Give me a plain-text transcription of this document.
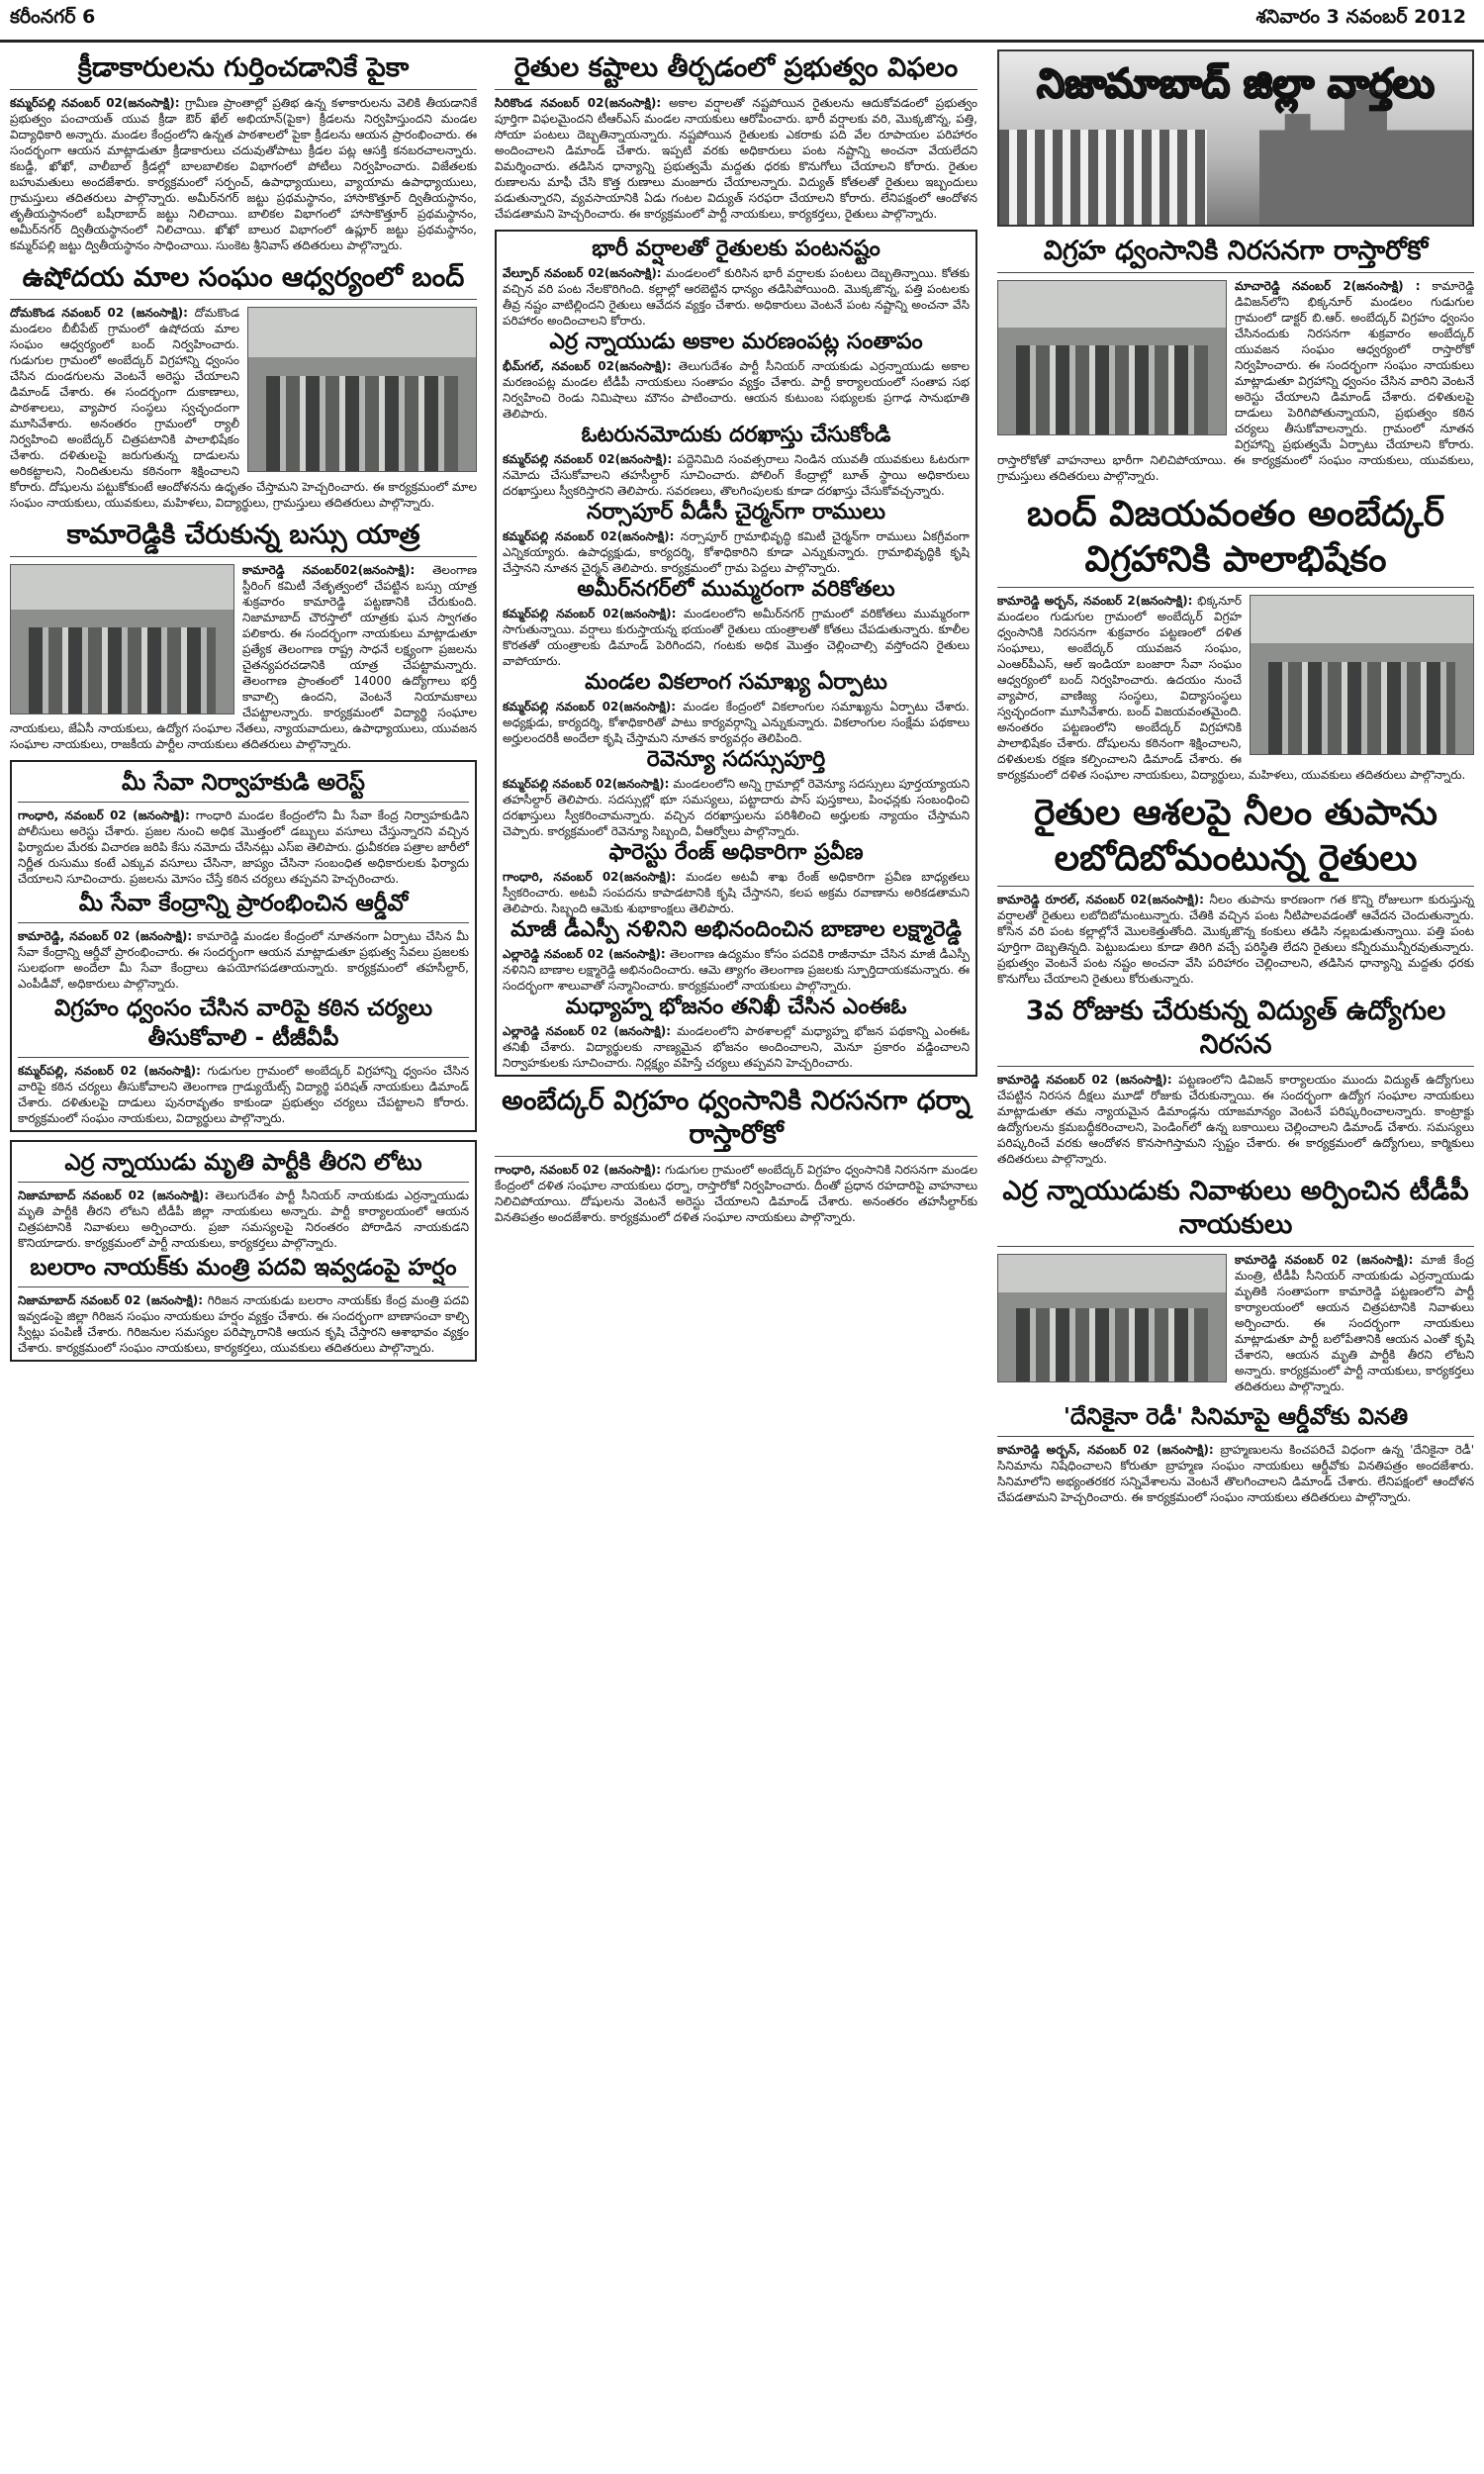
కరీంనగర్ 6	శనివారం 3 నవంబర్ 2012
క్రీడాకారులను గుర్తించడానికే పైకా

కమ్మర్‌పల్లి నవంబర్ 02(జనంసాక్షి): గ్రామీణ ప్రాంతాల్లో ప్రతిభ ఉన్న కళాకారులను వెలికి తీయడానికే ప్రభుత్వం పంచాయత్ యువ క్రీడా ఔర్ ఖేల్ అభియాన్(పైకా) క్రీడలను నిర్వహిస్తుందని మండల విద్యాధికారి అన్నారు. మండల కేంద్రంలోని ఉన్నత పాఠశాలలో పైకా క్రీడలను ఆయన ప్రారంభించారు. ఈ సందర్భంగా ఆయన మాట్లాడుతూ క్రీడాకారులు చదువుతోపాటు క్రీడల పట్ల ఆసక్తి కనబరచాలన్నారు. కబడ్డీ, ఖోఖో, వాలీబాల్ క్రీడల్లో బాలబాలికల విభాగంలో పోటీలు నిర్వహించారు. విజేతలకు బహుమతులు అందజేశారు. కార్యక్రమంలో సర్పంచ్, ఉపాధ్యాయులు, వ్యాయామ ఉపాధ్యాయులు, గ్రామస్తులు తదితరులు పాల్గొన్నారు. అమీర్‌నగర్ జట్టు ప్రథమస్థానం, హాసాకొత్తూర్ ద్వితీయస్థానం, తృతీయస్థానంలో బషీరాబాద్ జట్టు నిలిచాయి. బాలికల విభాగంలో హాసాకొత్తూర్ ప్రథమస్థానం, అమీర్‌నగర్ ద్వితీయస్థానంలో నిలిచాయి. ఖోఖో బాలుర విభాగంలో ఉప్లూర్ జట్టు ప్రథమస్థానం, కమ్మర్‌పల్లి జట్టు ద్వితీయస్థానం సాధించాయి. సుంకెట శ్రీనివాస్ తదితరులు పాల్గొన్నారు.

ఉషోదయ మాల సంఘం ఆధ్వర్యంలో బంద్

దోమకొండ నవంబర్ 02 (జనంసాక్షి): దోమకొండ మండలం బీబీపేట్ గ్రామంలో ఉషోదయ మాల సంఘం ఆధ్వర్యంలో బంద్ నిర్వహించారు. గుడుగుల గ్రామంలో అంబేద్కర్ విగ్రహాన్ని ధ్వంసం చేసిన దుండగులను వెంటనే అరెస్టు చేయాలని డిమాండ్ చేశారు. ఈ సందర్భంగా దుకాణాలు, పాఠశాలలు, వ్యాపార సంస్థలు స్వచ్ఛందంగా మూసివేశారు. అనంతరం గ్రామంలో ర్యాలీ నిర్వహించి అంబేద్కర్ చిత్రపటానికి పాలాభిషేకం చేశారు. దళితులపై జరుగుతున్న దాడులను అరికట్టాలని, నిందితులను కఠినంగా శిక్షించాలని కోరారు. దోషులను పట్టుకోకుంటే ఆందోళనను ఉధృతం చేస్తామని హెచ్చరించారు. ఈ కార్యక్రమంలో మాల సంఘం నాయకులు, యువకులు, మహిళలు, విద్యార్థులు, గ్రామస్తులు తదితరులు పాల్గొన్నారు.

కామారెడ్డికి చేరుకున్న బస్సు యాత్ర

కామారెడ్డి నవంబర్02(జనంసాక్షి): తెలంగాణ స్టీరింగ్ కమిటీ నేతృత్వంలో చేపట్టిన బస్సు యాత్ర శుక్రవారం కామారెడ్డి పట్టణానికి చేరుకుంది. నిజామాబాద్ చౌరస్తాలో యాత్రకు ఘన స్వాగతం పలికారు. ఈ సందర్భంగా నాయకులు మాట్లాడుతూ ప్రత్యేక తెలంగాణ రాష్ట్ర సాధనే లక్ష్యంగా ప్రజలను చైతన్యపరచడానికి యాత్ర చేపట్టామన్నారు. తెలంగాణ ప్రాంతంలో 14000 ఉద్యోగాలు భర్తీ కావాల్సి ఉందని, వెంటనే నియామకాలు చేపట్టాలన్నారు. కార్యక్రమంలో విద్యార్థి సంఘాల నాయకులు, జేఏసీ నాయకులు, ఉద్యోగ సంఘాల నేతలు, న్యాయవాదులు, ఉపాధ్యాయులు, యువజన సంఘాల నాయకులు, రాజకీయ పార్టీల నాయకులు తదితరులు పాల్గొన్నారు.

మీ సేవా నిర్వాహకుడి అరెస్ట్

గాంధారి, నవంబర్ 02 (జనంసాక్షి): గాంధారి మండల కేంద్రంలోని మీ సేవా కేంద్ర నిర్వాహకుడిని పోలీసులు అరెస్టు చేశారు. ప్రజల నుంచి అధిక మొత్తంలో డబ్బులు వసూలు చేస్తున్నారని వచ్చిన ఫిర్యాదుల మేరకు విచారణ జరిపి కేసు నమోదు చేసినట్లు ఎస్ఐ తెలిపారు. ధ్రువీకరణ పత్రాల జారీలో నిర్ణీత రుసుము కంటే ఎక్కువ వసూలు చేసినా, జాప్యం చేసినా సంబంధిత అధికారులకు ఫిర్యాదు చేయాలని సూచించారు. ప్రజలను మోసం చేస్తే కఠిన చర్యలు తప్పవని హెచ్చరించారు.

మీ సేవా కేంద్రాన్ని ప్రారంభించిన ఆర్డీవో

కామారెడ్డి, నవంబర్ 02 (జనంసాక్షి): కామారెడ్డి మండల కేంద్రంలో నూతనంగా ఏర్పాటు చేసిన మీ సేవా కేంద్రాన్ని ఆర్డీవో ప్రారంభించారు. ఈ సందర్భంగా ఆయన మాట్లాడుతూ ప్రభుత్వ సేవలు ప్రజలకు సులభంగా అందేలా మీ సేవా కేంద్రాలు ఉపయోగపడతాయన్నారు. కార్యక్రమంలో తహసీల్దార్, ఎంపీడీవో, అధికారులు పాల్గొన్నారు.

విగ్రహం ధ్వంసం చేసిన వారిపై కఠిన చర్యలు తీసుకోవాలి - టీజీవీపీ

కమ్మర్‌పల్లి, నవంబర్ 02 (జనంసాక్షి): గుడుగుల గ్రామంలో అంబేద్కర్ విగ్రహాన్ని ధ్వంసం చేసిన వారిపై కఠిన చర్యలు తీసుకోవాలని తెలంగాణ గ్రాడ్యుయేట్స్ విద్యార్థి పరిషత్ నాయకులు డిమాండ్ చేశారు. దళితులపై దాడులు పునరావృతం కాకుండా ప్రభుత్వం చర్యలు చేపట్టాలని కోరారు. కార్యక్రమంలో సంఘం నాయకులు, విద్యార్థులు పాల్గొన్నారు.

ఎర్ర న్నాయుడు మృతి పార్టీకి తీరని లోటు

నిజామాబాద్ నవంబర్ 02 (జనంసాక్షి): తెలుగుదేశం పార్టీ సీనియర్ నాయకుడు ఎర్రన్నాయుడు మృతి పార్టీకి తీరని లోటని టీడీపీ జిల్లా నాయకులు అన్నారు. పార్టీ కార్యాలయంలో ఆయన చిత్రపటానికి నివాళులు అర్పించారు. ప్రజా సమస్యలపై నిరంతరం పోరాడిన నాయకుడని కొనియాడారు. కార్యక్రమంలో పార్టీ నాయకులు, కార్యకర్తలు పాల్గొన్నారు.

బలరాం నాయక్‌కు మంత్రి పదవి ఇవ్వడంపై హర్షం

నిజామాబాద్ నవంబర్ 02 (జనంసాక్షి): గిరిజన నాయకుడు బలరాం నాయక్‌కు కేంద్ర మంత్రి పదవి ఇవ్వడంపై జిల్లా గిరిజన సంఘం నాయకులు హర్షం వ్యక్తం చేశారు. ఈ సందర్భంగా బాణాసంచా కాల్చి స్వీట్లు పంపిణీ చేశారు. గిరిజనుల సమస్యల పరిష్కారానికి ఆయన కృషి చేస్తారని ఆశాభావం వ్యక్తం చేశారు. కార్యక్రమంలో సంఘం నాయకులు, కార్యకర్తలు, యువకులు తదితరులు పాల్గొన్నారు.

రైతుల కష్టాలు తీర్చడంలో ప్రభుత్వం విఫలం

సిరికొండ నవంబర్ 02(జనంసాక్షి): అకాల వర్షాలతో నష్టపోయిన రైతులను ఆదుకోవడంలో ప్రభుత్వం పూర్తిగా విఫలమైందని టీఆర్ఎస్ మండల నాయకులు ఆరోపించారు. భారీ వర్షాలకు వరి, మొక్కజొన్న, పత్తి, సోయా పంటలు దెబ్బతిన్నాయన్నారు. నష్టపోయిన రైతులకు ఎకరాకు పది వేల రూపాయల పరిహారం అందించాలని డిమాండ్ చేశారు. ఇప్పటి వరకు అధికారులు పంట నష్టాన్ని అంచనా వేయలేదని విమర్శించారు. తడిసిన ధాన్యాన్ని ప్రభుత్వమే మద్దతు ధరకు కొనుగోలు చేయాలని కోరారు. రైతుల రుణాలను మాఫీ చేసి కొత్త రుణాలు మంజూరు చేయాలన్నారు. విద్యుత్ కోతలతో రైతులు ఇబ్బందులు పడుతున్నారని, వ్యవసాయానికి ఏడు గంటల విద్యుత్ సరఫరా చేయాలని కోరారు. లేనిపక్షంలో ఆందోళన చేపడతామని హెచ్చరించారు. ఈ కార్యక్రమంలో పార్టీ నాయకులు, కార్యకర్తలు, రైతులు పాల్గొన్నారు.

భారీ వర్షాలతో రైతులకు పంటనష్టం

వేల్పూర్ నవంబర్ 02(జనంసాక్షి): మండలంలో కురిసిన భారీ వర్షాలకు పంటలు దెబ్బతిన్నాయి. కోతకు వచ్చిన వరి పంట నేలకొరిగింది. కల్లాల్లో ఆరబెట్టిన ధాన్యం తడిసిపోయింది. మొక్కజొన్న, పత్తి పంటలకు తీవ్ర నష్టం వాటిల్లిందని రైతులు ఆవేదన వ్యక్తం చేశారు. అధికారులు వెంటనే పంట నష్టాన్ని అంచనా వేసి పరిహారం అందించాలని కోరారు.

ఎర్ర న్నాయుడు అకాల మరణంపట్ల సంతాపం

భీమ్‌గల్, నవంబర్ 02(జనంసాక్షి): తెలుగుదేశం పార్టీ సీనియర్ నాయకుడు ఎర్రన్నాయుడు అకాల మరణంపట్ల మండల టీడీపీ నాయకులు సంతాపం వ్యక్తం చేశారు. పార్టీ కార్యాలయంలో సంతాప సభ నిర్వహించి రెండు నిమిషాలు మౌనం పాటించారు. ఆయన కుటుంబ సభ్యులకు ప్రగాఢ సానుభూతి తెలిపారు.

ఓటరునమోదుకు దరఖాస్తు చేసుకోండి

కమ్మర్‌పల్లి నవంబర్ 02(జనంసాక్షి): పద్దెనిమిది సంవత్సరాలు నిండిన యువతీ యువకులు ఓటరుగా నమోదు చేసుకోవాలని తహసీల్దార్ సూచించారు. పోలింగ్ కేంద్రాల్లో బూత్ స్థాయి అధికారులు దరఖాస్తులు స్వీకరిస్తారని తెలిపారు. సవరణలు, తొలగింపులకు కూడా దరఖాస్తు చేసుకోవచ్చన్నారు.

నర్సాపూర్ వీడీసీ చైర్మన్‌గా రాములు

కమ్మర్‌పల్లి నవంబర్ 02(జనంసాక్షి): నర్సాపూర్ గ్రామాభివృద్ధి కమిటీ చైర్మన్‌గా రాములు ఏకగ్రీవంగా ఎన్నికయ్యారు. ఉపాధ్యక్షుడు, కార్యదర్శి, కోశాధికారిని కూడా ఎన్నుకున్నారు. గ్రామాభివృద్ధికి కృషి చేస్తానని నూతన చైర్మన్ తెలిపారు. కార్యక్రమంలో గ్రామ పెద్దలు పాల్గొన్నారు.

అమీర్‌నగర్‌లో ముమ్మరంగా వరికోతలు

కమ్మర్‌పల్లి నవంబర్ 02(జనంసాక్షి): మండలంలోని అమీర్‌నగర్ గ్రామంలో వరికోతలు ముమ్మరంగా సాగుతున్నాయి. వర్షాలు కురుస్తాయన్న భయంతో రైతులు యంత్రాలతో కోతలు చేపడుతున్నారు. కూలీల కొరతతో యంత్రాలకు డిమాండ్ పెరిగిందని, గంటకు అధిక మొత్తం చెల్లించాల్సి వస్తోందని రైతులు వాపోయారు.

మండల వికలాంగ సమాఖ్య ఏర్పాటు

కమ్మర్‌పల్లి నవంబర్ 02(జనంసాక్షి): మండల కేంద్రంలో వికలాంగుల సమాఖ్యను ఏర్పాటు చేశారు. అధ్యక్షుడు, కార్యదర్శి, కోశాధికారితో పాటు కార్యవర్గాన్ని ఎన్నుకున్నారు. వికలాంగుల సంక్షేమ పథకాలు అర్హులందరికీ అందేలా కృషి చేస్తామని నూతన కార్యవర్గం తెలిపింది.

రెవెన్యూ సదస్సుపూర్తి

కమ్మర్‌పల్లి నవంబర్ 02(జనంసాక్షి): మండలంలోని అన్ని గ్రామాల్లో రెవెన్యూ సదస్సులు పూర్తయ్యాయని తహసీల్దార్ తెలిపారు. సదస్సుల్లో భూ సమస్యలు, పట్టాదారు పాస్ పుస్తకాలు, పింఛన్లకు సంబంధించి దరఖాస్తులు స్వీకరించామన్నారు. వచ్చిన దరఖాస్తులను పరిశీలించి అర్హులకు న్యాయం చేస్తామని చెప్పారు. కార్యక్రమంలో రెవెన్యూ సిబ్బంది, వీఆర్వోలు పాల్గొన్నారు.

ఫారెస్టు రేంజ్ అధికారిగా ప్రవీణ

గాంధారి, నవంబర్ 02(జనంసాక్షి): మండల అటవీ శాఖ రేంజ్ అధికారిగా ప్రవీణ బాధ్యతలు స్వీకరించారు. అటవీ సంపదను కాపాడటానికి కృషి చేస్తానని, కలప అక్రమ రవాణాను అరికడతామని తెలిపారు. సిబ్బంది ఆమెకు శుభాకాంక్షలు తెలిపారు.

మాజీ డీఎస్పీ నళినిని అభినందించిన బాణాల లక్ష్మారెడ్డి

ఎల్లారెడ్డి నవంబర్ 02 (జనంసాక్షి): తెలంగాణ ఉద్యమం కోసం పదవికి రాజీనామా చేసిన మాజీ డీఎస్పీ నళినిని బాణాల లక్ష్మారెడ్డి అభినందించారు. ఆమె త్యాగం తెలంగాణ ప్రజలకు స్ఫూర్తిదాయకమన్నారు. ఈ సందర్భంగా శాలువాతో సన్మానించారు. కార్యక్రమంలో నాయకులు పాల్గొన్నారు.

మధ్యాహ్న భోజనం తనిఖీ చేసిన ఎంఈఓ

ఎల్లారెడ్డి నవంబర్ 02 (జనంసాక్షి): మండలంలోని పాఠశాలల్లో మధ్యాహ్న భోజన పథకాన్ని ఎంఈఓ తనిఖీ చేశారు. విద్యార్థులకు నాణ్యమైన భోజనం అందించాలని, మెనూ ప్రకారం వడ్డించాలని నిర్వాహకులకు సూచించారు. నిర్లక్ష్యం వహిస్తే చర్యలు తప్పవని హెచ్చరించారు.

అంబేద్కర్ విగ్రహం ధ్వంసానికి నిరసనగా ధర్నా రాస్తారోకో

గాంధారి, నవంబర్ 02 (జనంసాక్షి): గుడుగుల గ్రామంలో అంబేద్కర్ విగ్రహం ధ్వంసానికి నిరసనగా మండల కేంద్రంలో దళిత సంఘాల నాయకులు ధర్నా, రాస్తారోకో నిర్వహించారు. దీంతో ప్రధాన రహదారిపై వాహనాలు నిలిచిపోయాయి. దోషులను వెంటనే అరెస్టు చేయాలని డిమాండ్ చేశారు. అనంతరం తహసీల్దార్‌కు వినతిపత్రం అందజేశారు. కార్యక్రమంలో దళిత సంఘాల నాయకులు పాల్గొన్నారు.

నిజామాబాద్ జిల్లా వార్తలు
విగ్రహ ధ్వంసానికి నిరసనగా రాస్తారోకో

మాచారెడ్డి నవంబర్ 2(జనంసాక్షి) : కామారెడ్డి డివిజన్‌లోని భిక్కనూర్ మండలం గుడుగుల గ్రామంలో డాక్టర్ బి.ఆర్. అంబేద్కర్ విగ్రహం ధ్వంసం చేసినందుకు నిరసనగా శుక్రవారం అంబేద్కర్ యువజన సంఘం ఆధ్వర్యంలో రాస్తారోకో నిర్వహించారు. ఈ సందర్భంగా సంఘం నాయకులు మాట్లాడుతూ విగ్రహాన్ని ధ్వంసం చేసిన వారిని వెంటనే అరెస్టు చేయాలని డిమాండ్ చేశారు. దళితులపై దాడులు పెరిగిపోతున్నాయని, ప్రభుత్వం కఠిన చర్యలు తీసుకోవాలన్నారు. గ్రామంలో నూతన విగ్రహాన్ని ప్రభుత్వమే ఏర్పాటు చేయాలని కోరారు. రాస్తారోకోతో వాహనాలు భారీగా నిలిచిపోయాయి. ఈ కార్యక్రమంలో సంఘం నాయకులు, యువకులు, గ్రామస్తులు తదితరులు పాల్గొన్నారు.

బంద్ విజయవంతం అంబేద్కర్ విగ్రహానికి పాలాభిషేకం

కామారెడ్డి అర్బన్, నవంబర్ 2(జనంసాక్షి): భిక్కనూర్ మండలం గుడుగుల గ్రామంలో అంబేద్కర్ విగ్రహ ధ్వంసానికి నిరసనగా శుక్రవారం పట్టణంలో దళిత సంఘాలు, అంబేద్కర్ యువజన సంఘం, ఎంఆర్‌పీఎస్, ఆల్ ఇండియా బంజారా సేవా సంఘం ఆధ్వర్యంలో బంద్ నిర్వహించారు. ఉదయం నుంచే వ్యాపార, వాణిజ్య సంస్థలు, విద్యాసంస్థలు స్వచ్ఛందంగా మూసివేశారు. బంద్ విజయవంతమైంది. అనంతరం పట్టణంలోని అంబేద్కర్ విగ్రహానికి పాలాభిషేకం చేశారు. దోషులను కఠినంగా శిక్షించాలని, దళితులకు రక్షణ కల్పించాలని డిమాండ్ చేశారు. ఈ కార్యక్రమంలో దళిత సంఘాల నాయకులు, విద్యార్థులు, మహిళలు, యువకులు తదితరులు పాల్గొన్నారు.

రైతుల ఆశలపై నీలం తుపాను లబోదిబోమంటున్న రైతులు

కామారెడ్డి రూరల్, నవంబర్ 02(జనంసాక్షి): నీలం తుపాను కారణంగా గత కొన్ని రోజులుగా కురుస్తున్న వర్షాలతో రైతులు లబోదిబోమంటున్నారు. చేతికి వచ్చిన పంట నీటిపాలవడంతో ఆవేదన చెందుతున్నారు. కోసిన వరి పంట కల్లాల్లోనే మొలకెత్తుతోంది. మొక్కజొన్న కంకులు తడిసి నల్లబడుతున్నాయి. పత్తి పంట పూర్తిగా దెబ్బతిన్నది. పెట్టుబడులు కూడా తిరిగి వచ్చే పరిస్థితి లేదని రైతులు కన్నీరుమున్నీరవుతున్నారు. ప్రభుత్వం వెంటనే పంట నష్టం అంచనా వేసి పరిహారం చెల్లించాలని, తడిసిన ధాన్యాన్ని మద్దతు ధరకు కొనుగోలు చేయాలని రైతులు కోరుతున్నారు.

3వ రోజుకు చేరుకున్న విద్యుత్ ఉద్యోగుల నిరసన

కామారెడ్డి నవంబర్ 02 (జనంసాక్షి): పట్టణంలోని డివిజన్ కార్యాలయం ముందు విద్యుత్ ఉద్యోగులు చేపట్టిన నిరసన దీక్షలు మూడో రోజుకు చేరుకున్నాయి. ఈ సందర్భంగా ఉద్యోగ సంఘాల నాయకులు మాట్లాడుతూ తమ న్యాయమైన డిమాండ్లను యాజమాన్యం వెంటనే పరిష్కరించాలన్నారు. కాంట్రాక్టు ఉద్యోగులను క్రమబద్ధీకరించాలని, పెండింగ్‌లో ఉన్న బకాయిలు చెల్లించాలని డిమాండ్ చేశారు. సమస్యలు పరిష్కరించే వరకు ఆందోళన కొనసాగిస్తామని స్పష్టం చేశారు. ఈ కార్యక్రమంలో ఉద్యోగులు, కార్మికులు తదితరులు పాల్గొన్నారు.

ఎర్ర న్నాయుడుకు నివాళులు అర్పించిన టీడీపీ నాయకులు

కామారెడ్డి నవంబర్ 02 (జనంసాక్షి): మాజీ కేంద్ర మంత్రి, టీడీపీ సీనియర్ నాయకుడు ఎర్రన్నాయుడు మృతికి సంతాపంగా కామారెడ్డి పట్టణంలోని పార్టీ కార్యాలయంలో ఆయన చిత్రపటానికి నివాళులు అర్పించారు. ఈ సందర్భంగా నాయకులు మాట్లాడుతూ పార్టీ బలోపేతానికి ఆయన ఎంతో కృషి చేశారని, ఆయన మృతి పార్టీకి తీరని లోటని అన్నారు. కార్యక్రమంలో పార్టీ నాయకులు, కార్యకర్తలు తదితరులు పాల్గొన్నారు.

'దేనికైనా రెడీ' సినిమాపై ఆర్డీవోకు వినతి

కామారెడ్డి అర్బన్, నవంబర్ 02 (జనంసాక్షి): బ్రాహ్మణులను కించపరిచే విధంగా ఉన్న 'దేనికైనా రెడీ' సినిమాను నిషేధించాలని కోరుతూ బ్రాహ్మణ సంఘం నాయకులు ఆర్డీవోకు వినతిపత్రం అందజేశారు. సినిమాలోని అభ్యంతరకర సన్నివేశాలను వెంటనే తొలగించాలని డిమాండ్ చేశారు. లేనిపక్షంలో ఆందోళన చేపడతామని హెచ్చరించారు. ఈ కార్యక్రమంలో సంఘం నాయకులు తదితరులు పాల్గొన్నారు.
